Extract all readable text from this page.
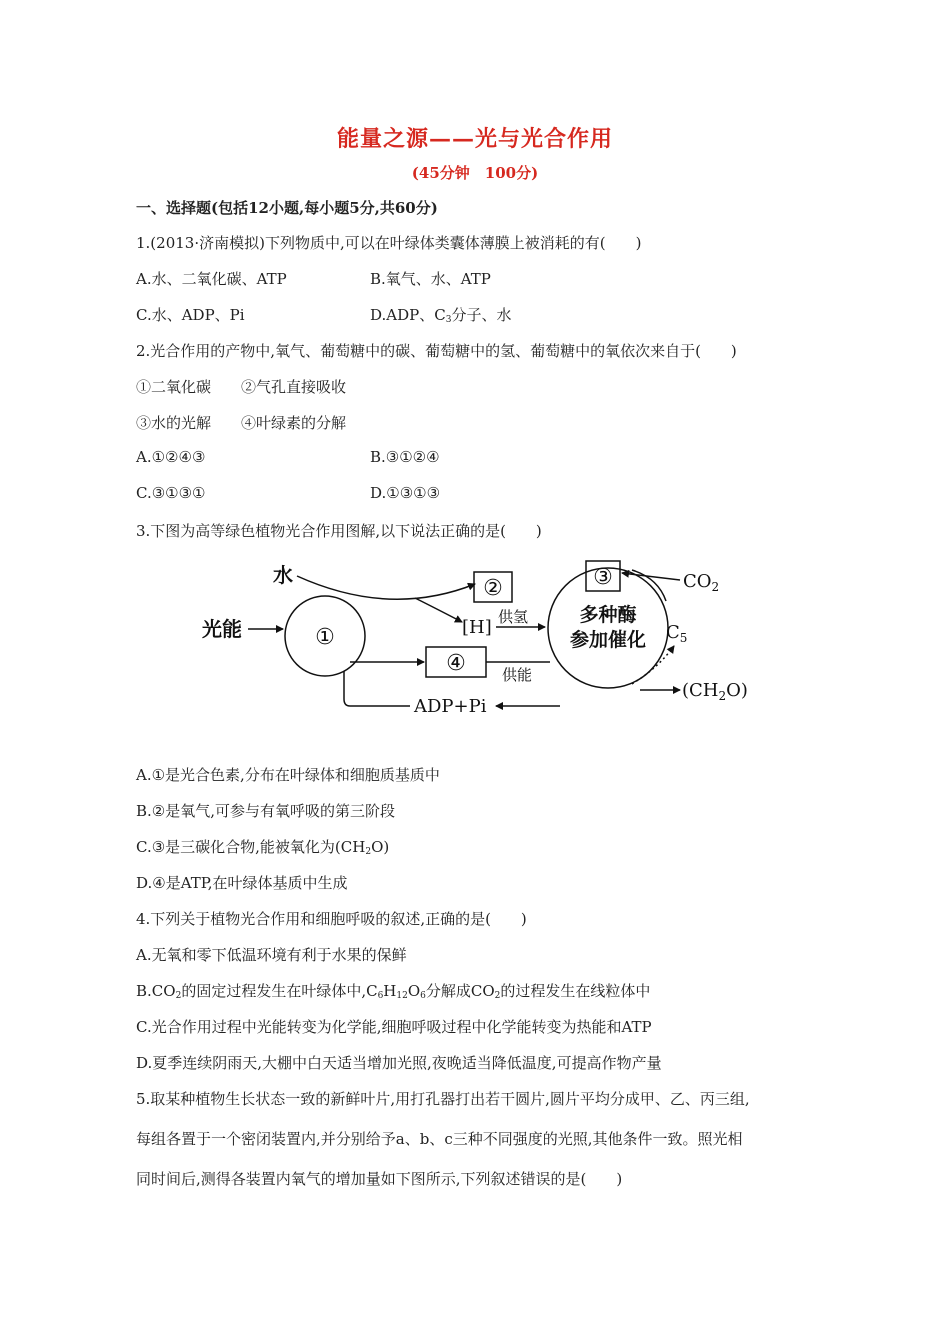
能量之源——光与光合作用
(45分钟　100分)
一、选择题(包括12小题,每小题5分,共60分)
1.(2013·济南模拟)下列物质中,可以在叶绿体类囊体薄膜上被消耗的有(　　)
A.水、二氧化碳、ATP	B.氧气、水、ATP
C.水、ADP、Pi	D.ADP、$C_3$分子、水
2.光合作用的产物中,氧气、葡萄糖中的碳、葡萄糖中的氢、葡萄糖中的氧依次来自于(　　)
①二氧化碳　　②气孔直接吸收
③水的光解　　④叶绿素的分解
A.①②④③	B.③①②④
C.③①③①	D.①③①③
3.下图为高等绿色植物光合作用图解,以下说法正确的是(　　)
①
多种酶
参加催化
水
光能
②
[H] 供氢
③	$CO_2$
$C_5$
$(CH_2O)$
④ 供能
ADP+Pi
A.①是光合色素,分布在叶绿体和细胞质基质中
B.②是氧气,可参与有氧呼吸的第三阶段
C.③是三碳化合物,能被氧化为$(CH_2O)$
D.④是ATP,在叶绿体基质中生成
4.下列关于植物光合作用和细胞呼吸的叙述,正确的是(　　)
A.无氧和零下低温环境有利于水果的保鲜
$B.CO_2$的固定过程发生在叶绿体中$,C_6H_{12}O_6$分解成$CO_2$的过程发生在线粒体中
C.光合作用过程中光能转变为化学能,细胞呼吸过程中化学能转变为热能和ATP
D.夏季连续阴雨天,大棚中白天适当增加光照,夜晚适当降低温度,可提高作物产量
5.取某种植物生长状态一致的新鲜叶片,用打孔器打出若干圆片,圆片平均分成甲、乙、丙三组,
每组各置于一个密闭装置内,并分别给予a、b、c三种不同强度的光照,其他条件一致。照光相
同时间后,测得各装置内氧气的增加量如下图所示,下列叙述错误的是(　　)
